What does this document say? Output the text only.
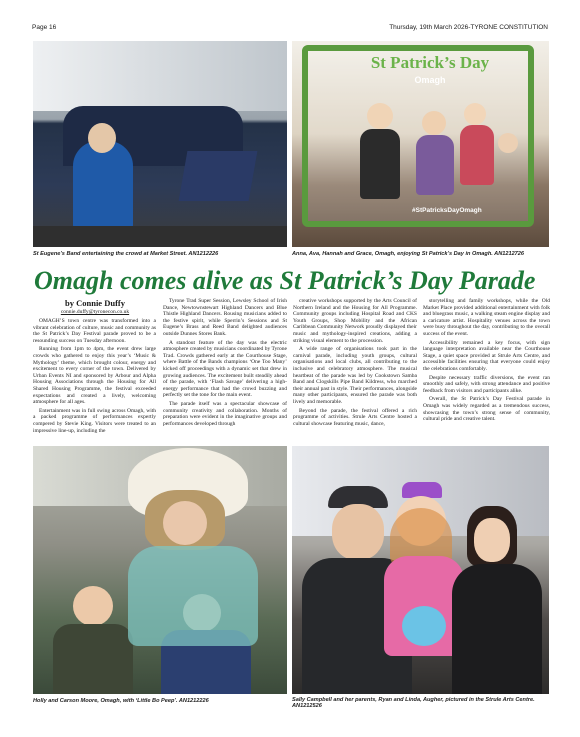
Page 16	Thursday, 19th March 2026-TYRONE CONSTITUTION
St Eugene’s Band entertaining the crowd at Market Street. AN1212226
St Patrick’s Day
Omagh
#StPatricksDayOmagh
Anna, Ava, Hannah and Grace, Omagh, enjoying St Patrick’s Day in Omagh. AN1212726
Omagh comes alive as St Patrick’s Day Parade
by Connie Duffy
connie.duffy@tyronecon.co.uk

OMAGH’S town centre was transformed into a vibrant celebration of culture, music and community as the St Patrick’s Day Festival parade proved to be a resounding success on Tuesday afternoon.

Running from 1pm to 4pm, the event drew large crowds who gathered to enjoy this year’s ‘Music & Mythology’ theme, which brought colour, energy and excitement to every corner of the town. Delivered by Urban Events NI and sponsored by Arbour and Alpha Housing Associations through the Housing for All Shared Housing Programme, the festival exceeded expectations and created a lively, welcoming atmosphere for all ages.

Entertainment was in full swing across Omagh, with a packed programme of performances expertly compered by Stevie King. Visitors were treated to an impressive line-up, including the

Tyrone Trad Super Session, Lewsley School of Irish Dance, Newtownstewart Highland Dancers and Blue Thistle Highland Dancers. Rousing musicians added to the festive spirit, while Sperrin’s Sessions and St Eugene’s Brass and Reed Band delighted audiences outside Dunnes Stores Bank.

A standout feature of the day was the electric atmosphere created by musicians coordinated by Tyrone Trad. Crowds gathered early at the Courthouse Stage, where Battle of the Bands champions ‘One Too Many’ kicked off proceedings with a dynamic set that drew in growing audiences. The excitement built steadily ahead of the parade, with ‘Flash Savage’ delivering a high-energy performance that had the crowd buzzing and perfectly set the tone for the main event.

The parade itself was a spectacular showcase of community creativity and collaboration. Months of preparation were evident in the imaginative groups and performances developed through

creative workshops supported by the Arts Council of Northern Ireland and the Housing for All Programme. Community groups including Hospital Road and CKS Youth Groups, Shop Mobility and the African Caribbean Community Network proudly displayed their music and mythology-inspired creations, adding a striking visual element to the procession.

A wide range of organisations took part in the carnival parade, including youth groups, cultural organisations and local clubs, all contributing to the inclusive and celebratory atmosphere. The musical heartbeat of the parade was led by Cookstown Samba Band and Clogskills Pipe Band Kildress, who marched their annual past in style. Their performances, alongside many other participants, ensured the parade was both lively and memorable.

Beyond the parade, the festival offered a rich programme of activities. Strule Arts Centre hosted a cultural showcase featuring music, dance,

storytelling and family workshops, while the Old Market Place provided additional entertainment with folk and bluegrass music, a walking steam engine display and a caricature artist. Hospitality venues across the town were busy throughout the day, contributing to the overall success of the event.

Accessibility remained a key focus, with sign language interpretation available near the Courthouse Stage, a quiet space provided at Strule Arts Centre, and accessible facilities ensuring that everyone could enjoy the celebrations comfortably.

Despite necessary traffic diversions, the event ran smoothly and safely, with strong attendance and positive feedback from visitors and participants alike.

Overall, the St Patrick’s Day Festival parade in Omagh was widely regarded as a tremendous success, showcasing the town’s strong sense of community, cultural pride and creative talent.

Holly and Carson Moore, Omagh, with ‘Little Bo Peep’. AN1212226	Sally Campbell and her parents, Ryan and Linda, Augher, pictured in the Strule Arts Centre. AN1212526
